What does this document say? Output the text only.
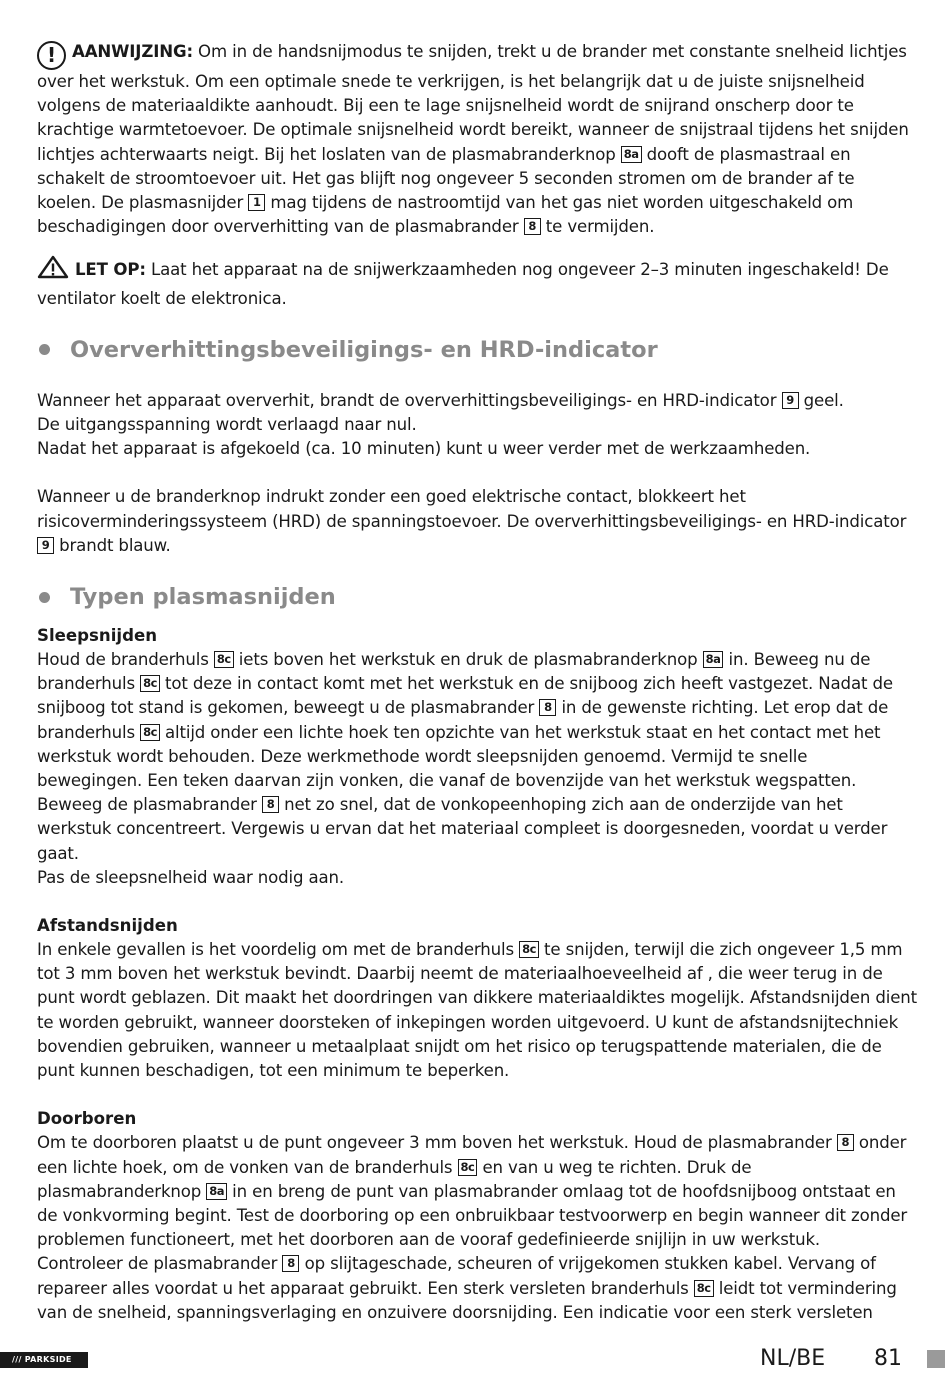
! AANWIJZING: Om in de handsnijmodus te snijden, trekt u de brander met constante snelheid lichtjes over het werkstuk. Om een optimale snede te verkrijgen, is het belangrijk dat u de juiste snijsnelheid volgens de materiaaldikte aanhoudt. Bij een te lage snijsnelheid wordt de snijrand onscherp door te krachtige warmtetoevoer. De optimale snijsnelheid wordt bereikt, wanneer de snijstraal tijdens het snijden lichtjes achterwaarts neigt. Bij het loslaten van de plasmabranderknop 8a dooft de plasmastraal en schakelt de stroomtoevoer uit. Het gas blijft nog ongeveer 5 seconden stromen om de brander af te koelen. De plasmasnijder 1 mag tijdens de nastroomtijd van het gas niet worden uitgeschakeld om beschadigingen door oververhitting van de plasmabrander 8 te vermijden.

LET OP: Laat het apparaat na de snijwerkzaamheden nog ongeveer 2–3 minuten ingeschakeld! De ventilator koelt de elektronica.

Oververhittingsbeveiligings- en HRD-indicator

Wanneer het apparaat oververhit, brandt de oververhittingsbeveiligings- en HRD-indicator 9 geel.

De uitgangsspanning wordt verlaagd naar nul.

Nadat het apparaat is afgekoeld (ca. 10 minuten) kunt u weer verder met de werkzaamheden.

Wanneer u de branderknop indrukt zonder een goed elektrische contact, blokkeert het risicoverminderingssysteem (HRD) de spanningstoevoer. De oververhittingsbeveiligings- en HRD-indicator 9 brandt blauw.

Typen plasmasnijden
Sleepsnijden

Houd de branderhuls 8c iets boven het werkstuk en druk de plasmabranderknop 8a in. Beweeg nu de branderhuls 8c tot deze in contact komt met het werkstuk en de snijboog zich heeft vastgezet. Nadat de snijboog tot stand is gekomen, beweegt u de plasmabrander 8 in de gewenste richting. Let erop dat de branderhuls 8c altijd onder een lichte hoek ten opzichte van het werkstuk staat en het contact met het werkstuk wordt behouden. Deze werkmethode wordt sleepsnijden genoemd. Vermijd te snelle bewegingen. Een teken daarvan zijn vonken, die vanaf de bovenzijde van het werkstuk wegspatten. Beweeg de plasmabrander 8 net zo snel, dat de vonkopeenhoping zich aan de onderzijde van het werkstuk concentreert. Vergewis u ervan dat het materiaal compleet is doorgesneden, voordat u verder gaat.

Pas de sleepsnelheid waar nodig aan.

Afstandsnijden

In enkele gevallen is het voordelig om met de branderhuls 8c te snijden, terwijl die zich ongeveer 1,5 mm tot 3 mm boven het werkstuk bevindt. Daarbij neemt de materiaalhoeveelheid af , die weer terug in de punt wordt geblazen. Dit maakt het doordringen van dikkere materiaaldiktes mogelijk. Afstandsnijden dient te worden gebruikt, wanneer doorsteken of inkepingen worden uitgevoerd. U kunt de afstandsnijtechniek bovendien gebruiken, wanneer u metaalplaat snijdt om het risico op terugspattende materialen, die de punt kunnen beschadigen, tot een minimum te beperken.

Doorboren

Om te doorboren plaatst u de punt ongeveer 3 mm boven het werkstuk. Houd de plasmabrander 8 onder een lichte hoek, om de vonken van de branderhuls 8c en van u weg te richten. Druk de plasmabranderknop 8a in en breng de punt van plasmabrander omlaag tot de hoofdsnijboog ontstaat en de vonkvorming begint. Test de doorboring op een onbruikbaar testvoorwerp en begin wanneer dit zonder problemen functioneert, met het doorboren aan de vooraf gedefinieerde snijlijn in uw werkstuk.

Controleer de plasmabrander 8 op slijtageschade, scheuren of vrijgekomen stukken kabel. Vervang of repareer alles voordat u het apparaat gebruikt. Een sterk versleten branderhuls 8c leidt tot vermindering van de snelheid, spanningsverlaging en onzuivere doorsnijding. Een indicatie voor een sterk versleten

/// PARKSIDE	NL/BE 81
